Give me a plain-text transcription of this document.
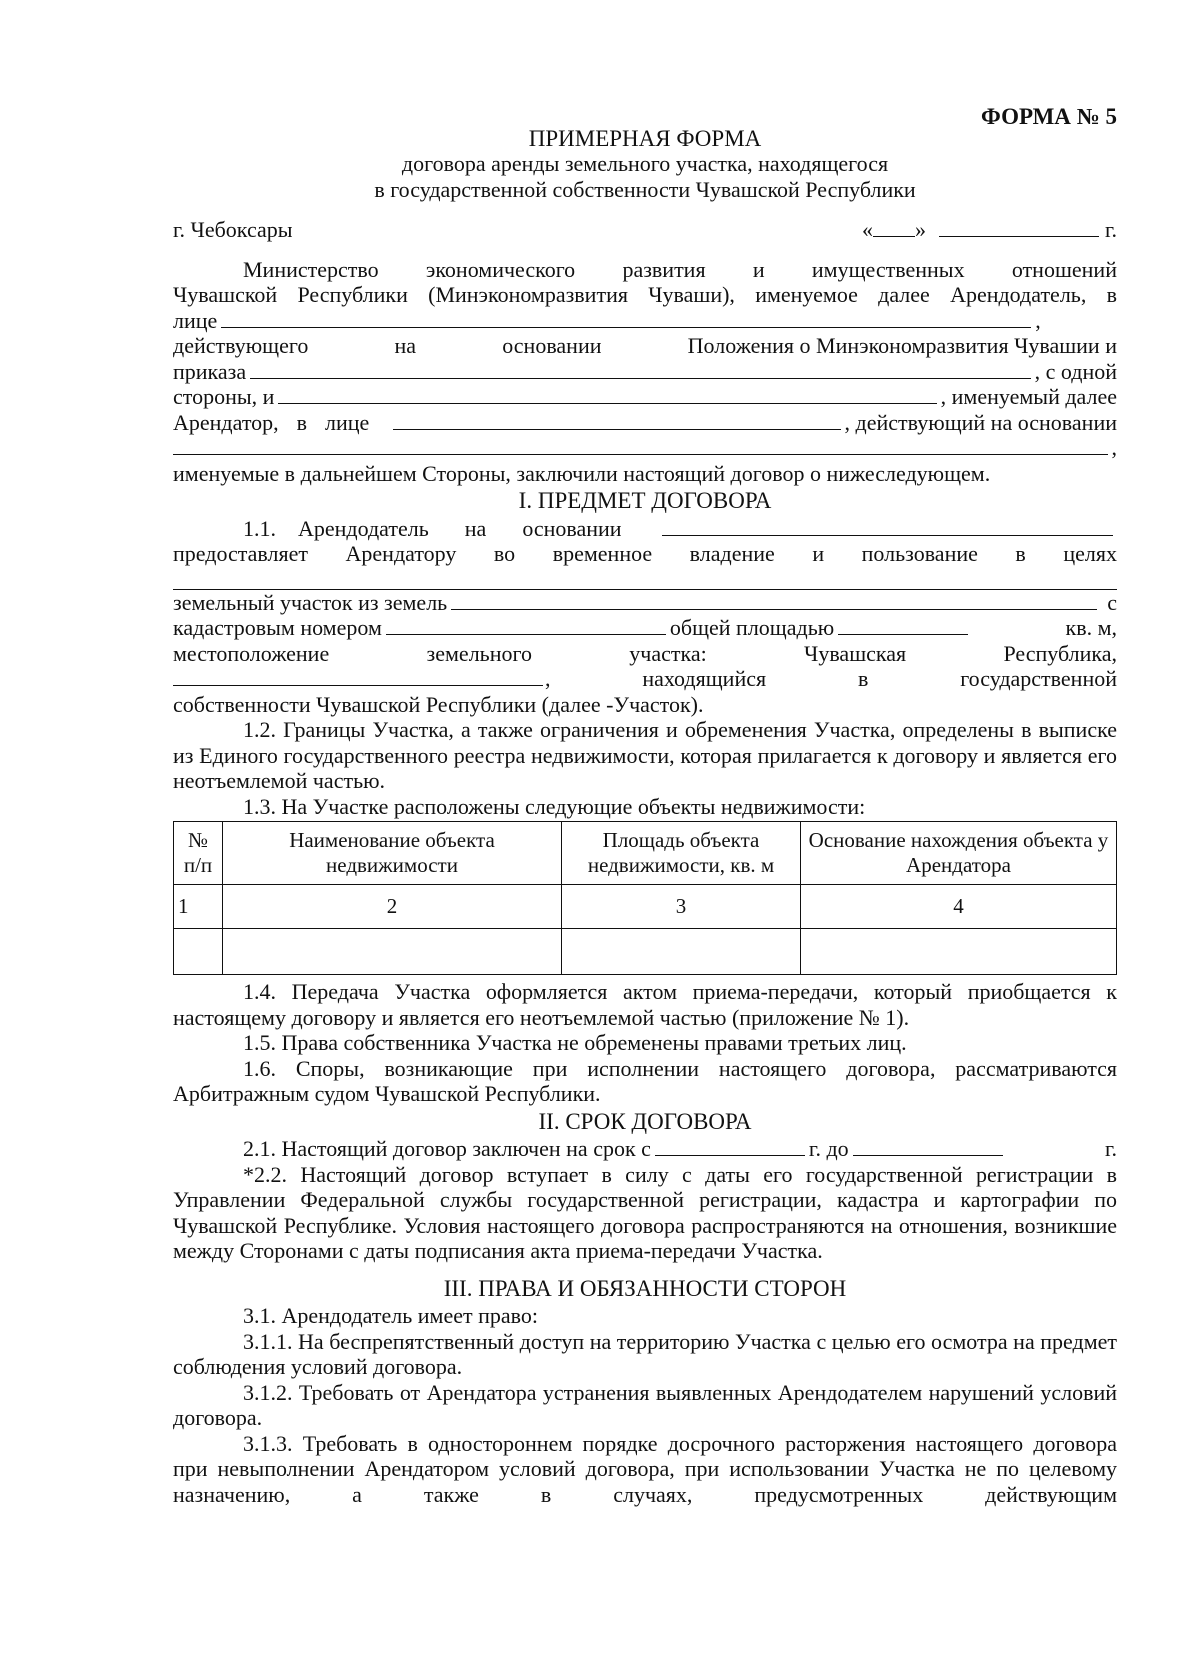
ФОРМА № 5
ПРИМЕРНАЯ ФОРМА
договора аренды земельного участка, находящегося
в государственной собственности Чувашской Республики
г. Чебоксары	« »	г.
Министерство экономического развития и имущественных отношений
Чувашской Республики (Минэкономразвития Чуваши), именуемое далее Арендодатель, в
лице	,
действующего	на	основании	Положения о Минэкономразвития Чувашии и
приказа	, с одной
стороны, и	, именуемый далее
Арендатор, в лице	, действующий на основании
,
именуемые в дальнейшем Стороны, заключили настоящий договор о нижеследующем.
I. ПРЕДМЕТ ДОГОВОРА
1.1. Арендодатель на основании
предоставляет Арендатору во временное владение и пользование в целях
земельный участок из земель	с
кадастровым номером	общей площадью	кв. м,
местоположение земельного участка: Чувашская Республика,
, находящийся в государственной
собственности Чувашской Республики (далее -Участок).
1.2. Границы Участка, а также ограничения и обременения Участка, определены в выписке из Единого государственного реестра недвижимости, которая прилагается к договору и является его неотъемлемой частью.
1.3. На Участке расположены следующие объекты недвижимости:
№ п/п	Наименование объекта недвижимости	Площадь объекта недвижимости, кв. м	Основание нахождения объекта у Арендатора
1	2	3	4

1.4. Передача Участка оформляется актом приема-передачи, который приобщается к настоящему договору и является его неотъемлемой частью (приложение № 1).
1.5. Права собственника Участка не обременены правами третьих лиц.
1.6. Споры, возникающие при исполнении настоящего договора, рассматриваются Арбитражным судом Чувашской Республики.
II. СРОК ДОГОВОРА
2.1. Настоящий договор заключен на срок с	г. до	г.
*2.2. Настоящий договор вступает в силу с даты его государственной регистрации в Управлении Федеральной службы государственной регистрации, кадастра и картографии по Чувашской Республике. Условия настоящего договора распространяются на отношения, возникшие между Сторонами с даты подписания акта приема-передачи Участка.
III. ПРАВА И ОБЯЗАННОСТИ СТОРОН
3.1. Арендодатель имеет право:
3.1.1. На беспрепятственный доступ на территорию Участка с целью его осмотра на предмет соблюдения условий договора.
3.1.2. Требовать от Арендатора устранения выявленных Арендодателем нарушений условий договора.
3.1.3. Требовать в одностороннем порядке досрочного расторжения настоящего договора при невыполнении Арендатором условий договора, при использовании Участка не по целевому назначению, а также в случаях, предусмотренных действующим
